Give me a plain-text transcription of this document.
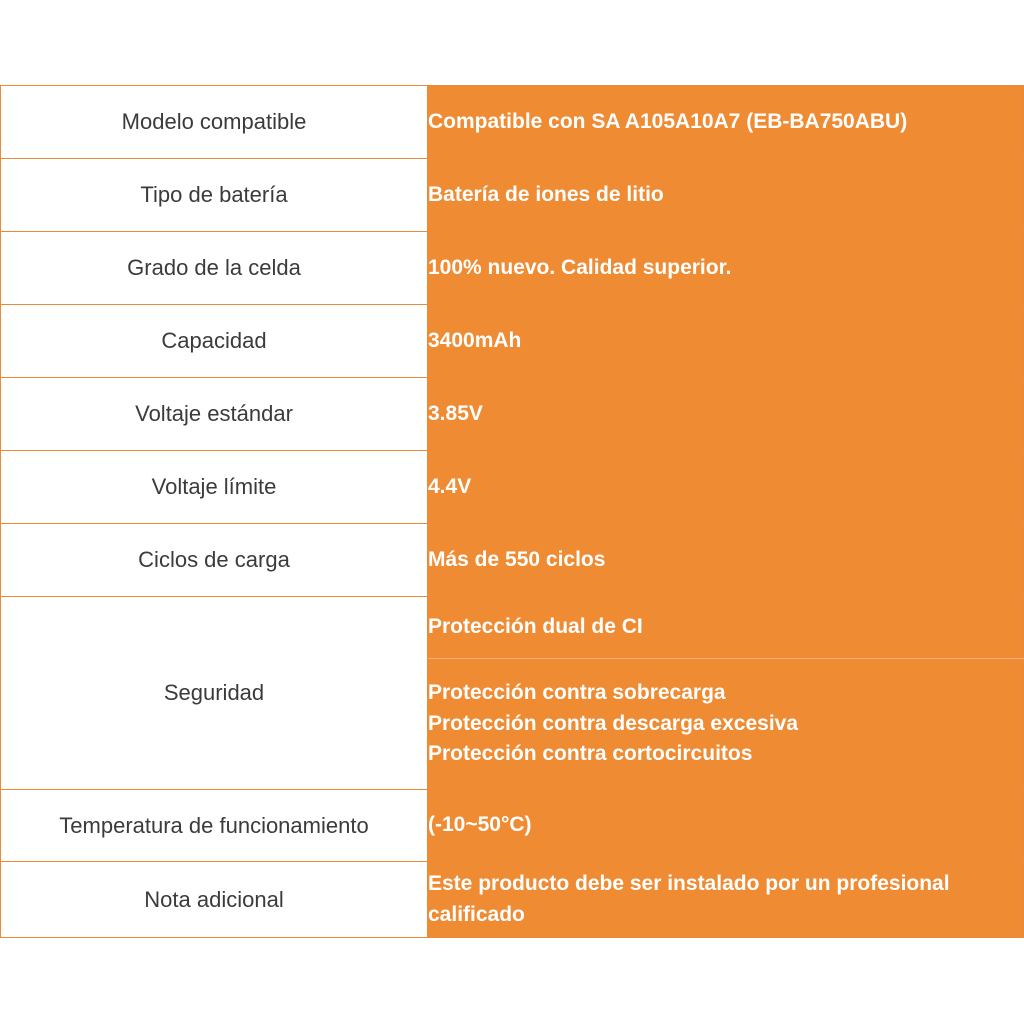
Modelo compatible	Compatible con SA A105A10A7 (EB-BA750ABU)
Tipo de batería	Batería de iones de litio
Grado de la celda	100% nuevo. Calidad superior.
Capacidad	3400mAh
Voltaje estándar	3.85V
Voltaje límite	4.4V
Ciclos de carga	Más de 550 ciclos
Seguridad	Protección dual de CI

	Protección contra sobrecarga
Protección contra descarga excesiva
Protección contra cortocircuitos

Temperatura de funcionamiento	(-10~50°C)
Nota adicional	Este producto debe ser instalado por un profesional calificado
